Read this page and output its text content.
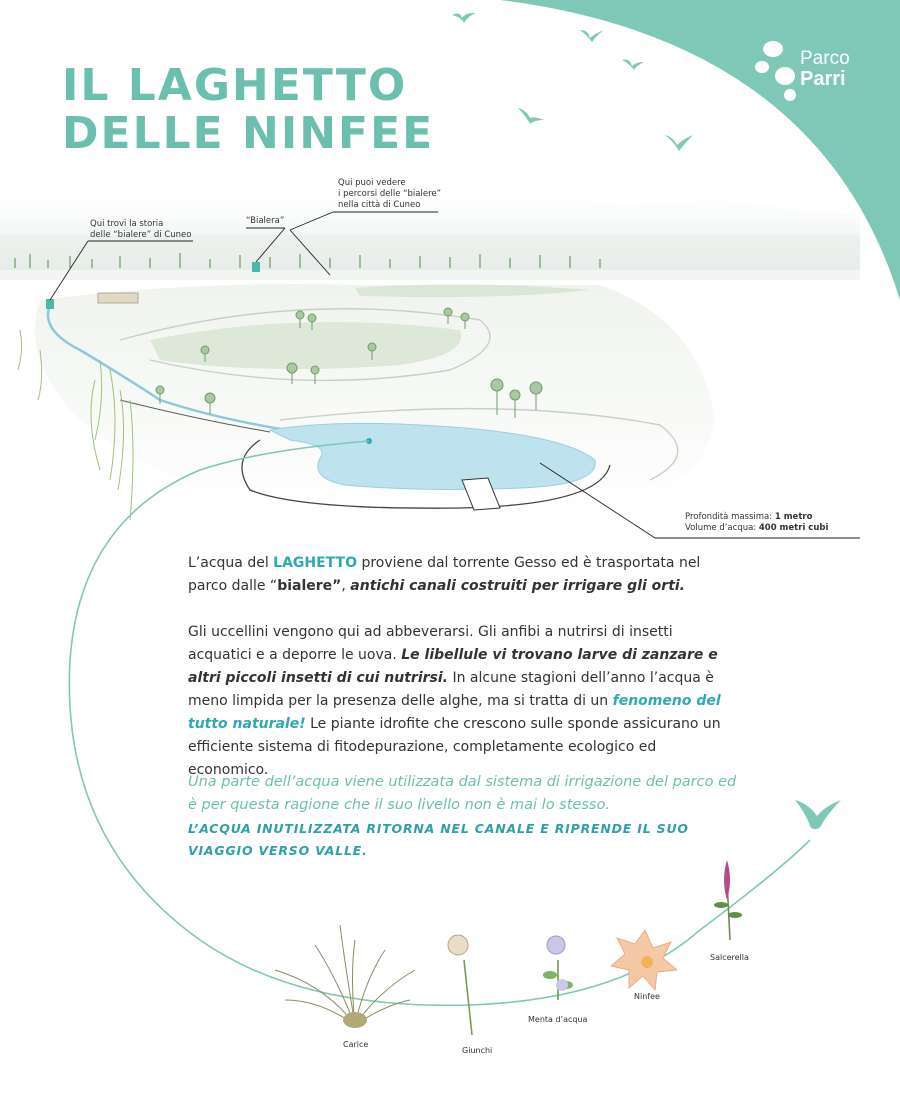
Parco
Parri
IL LAGHETTO
DELLE NINFEE
Qui trovi la storia
delle “bialere” di Cuneo
“Bialera”
Qui puoi vedere
i percorsi delle “bialere”
nella città di Cuneo
Profondità massima: 1 metro
Volume d’acqua: 400 metri cubi

L’acqua del LAGHETTO proviene dal torrente Gesso ed è trasportata nel parco dalle “bialere”, antichi canali costruiti per irrigare gli orti.

Gli uccellini vengono qui ad abbeverarsi. Gli anfibi a nutrirsi di insetti acquatici e a deporre le uova. Le libellule vi trovano larve di zanzare e altri piccoli insetti di cui nutrirsi. In alcune stagioni dell’anno l’acqua è meno limpida per la presenza delle alghe, ma si tratta di un fenomeno del tutto naturale! Le piante idrofite che crescono sulle sponde assicurano un efficiente sistema di fitodepurazione, completamente ecologico ed economico.

Una parte dell’acqua viene utilizzata dal sistema di irrigazione del parco ed è per questa ragione che il suo livello non è mai lo stesso.

L’ACQUA INUTILIZZATA RITORNA NEL CANALE E RIPRENDE IL SUO VIAGGIO VERSO VALLE.

Carice
Giunchi
Menta d’acqua
Ninfee
Salcerella
